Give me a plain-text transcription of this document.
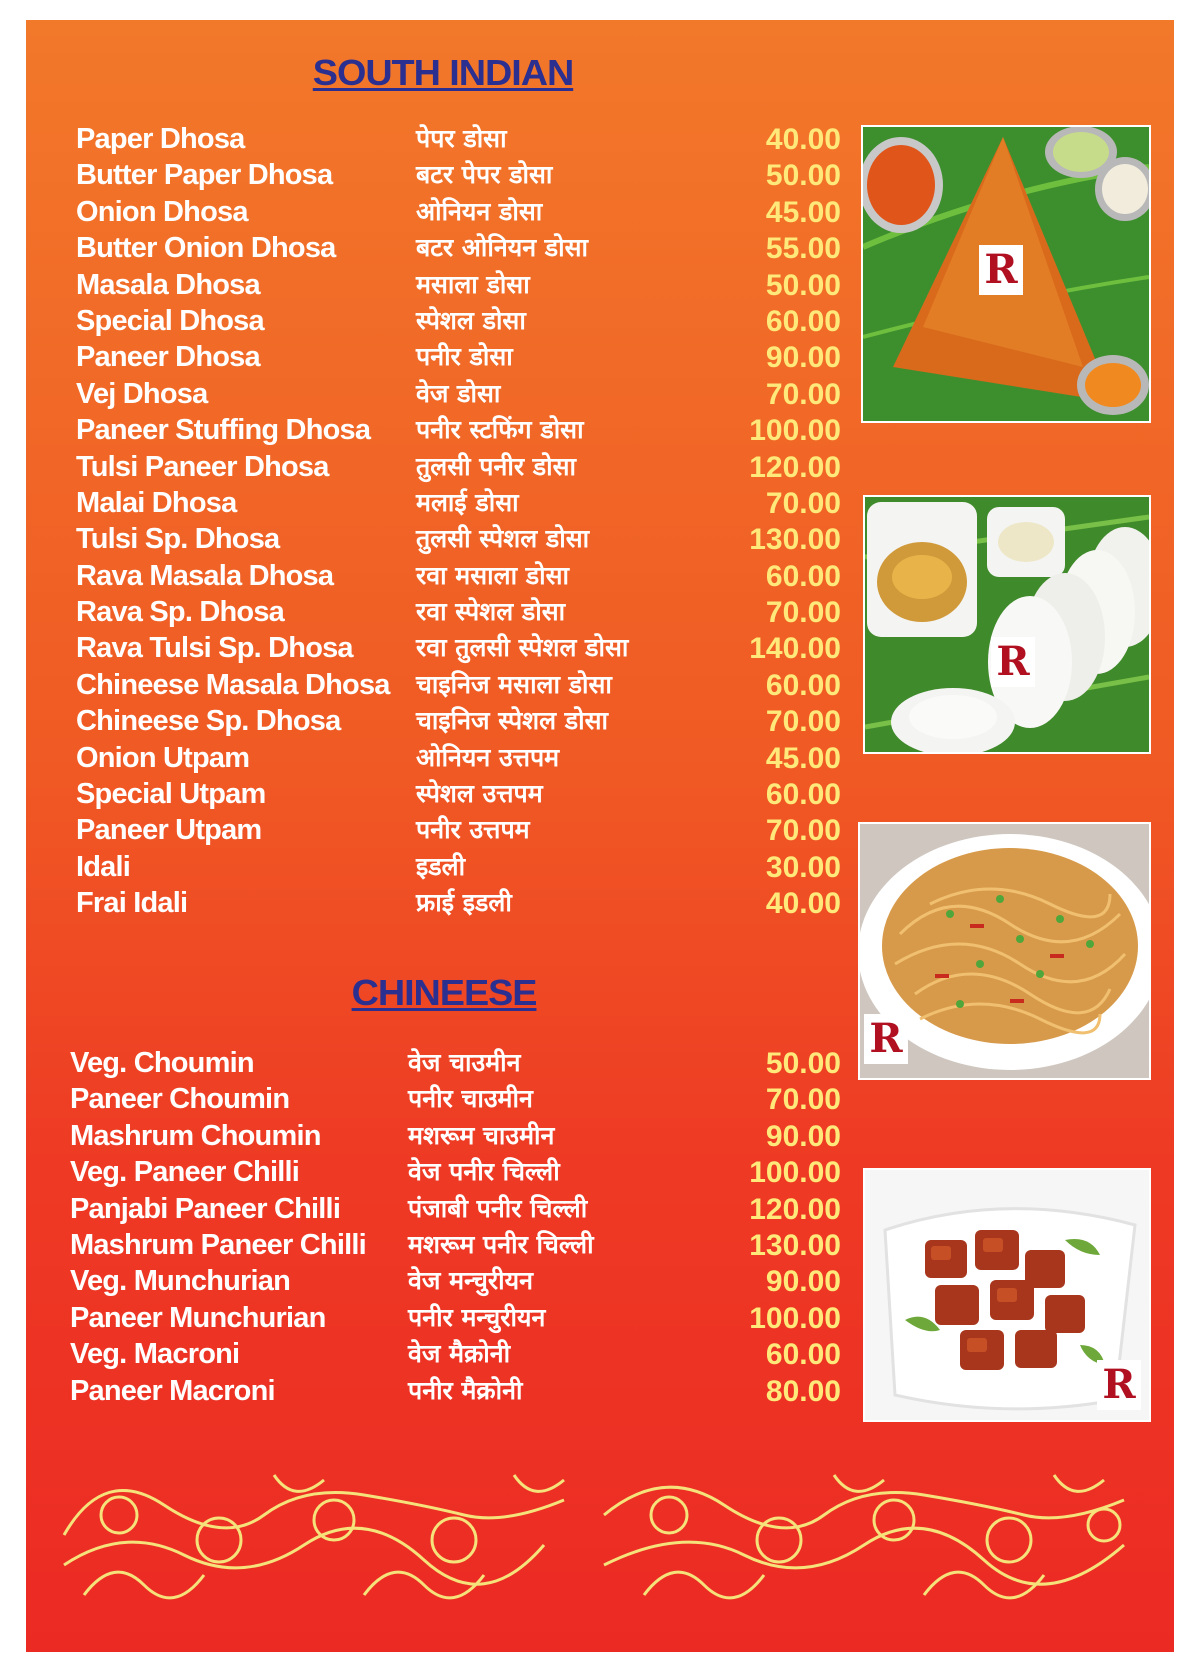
SOUTH INDIAN
Paper Dhosa	पेपर डोसा	40.00
Butter Paper Dhosa	बटर पेपर डोसा	50.00
Onion Dhosa	ओनियन डोसा	45.00
Butter Onion Dhosa	बटर ओनियन डोसा	55.00
Masala Dhosa	मसाला डोसा	50.00
Special Dhosa	स्पेशल डोसा	60.00
Paneer Dhosa	पनीर डोसा	90.00
Vej Dhosa	वेज डोसा	70.00
Paneer Stuffing Dhosa पनीर स्टफिंग डोसा	100.00
Tulsi Paneer Dhosa	तुलसी पनीर डोसा	120.00
Malai Dhosa	मलाई डोसा	70.00
Tulsi Sp. Dhosa	तुलसी स्पेशल डोसा	130.00
Rava Masala Dhosa	रवा मसाला डोसा	60.00
Rava Sp. Dhosa	रवा स्पेशल डोसा	70.00
Rava Tulsi Sp. Dhosa	रवा तुलसी स्पेशल डोसा	140.00
Chineese Masala Dhosa चाइनिज मसाला डोसा	60.00
Chineese Sp. Dhosa	चाइनिज स्पेशल डोसा	70.00
Onion Utpam	ओनियन उत्तपम	45.00
Special Utpam	स्पेशल उत्तपम	60.00
Paneer Utpam	पनीर उत्तपम	70.00
Idali	इडली	30.00
Frai Idali	फ्राई इडली	40.00
CHINEESE
Veg. Choumin	वेज चाउमीन	50.00
Paneer Choumin	पनीर चाउमीन	70.00
Mashrum Choumin	मशरूम चाउमीन	90.00
Veg. Paneer Chilli	वेज पनीर चिल्ली	100.00
Panjabi Paneer Chilli	पंजाबी पनीर चिल्ली	120.00
Mashrum Paneer Chilli मशरूम पनीर चिल्ली	130.00
Veg. Munchurian	वेज मन्चुरीयन	90.00
Paneer Munchurian	पनीर मन्चुरीयन	100.00
Veg. Macroni	वेज मैक्रोनी	60.00
Paneer Macroni	पनीर मैक्रोनी	80.00
R
R
R
R
